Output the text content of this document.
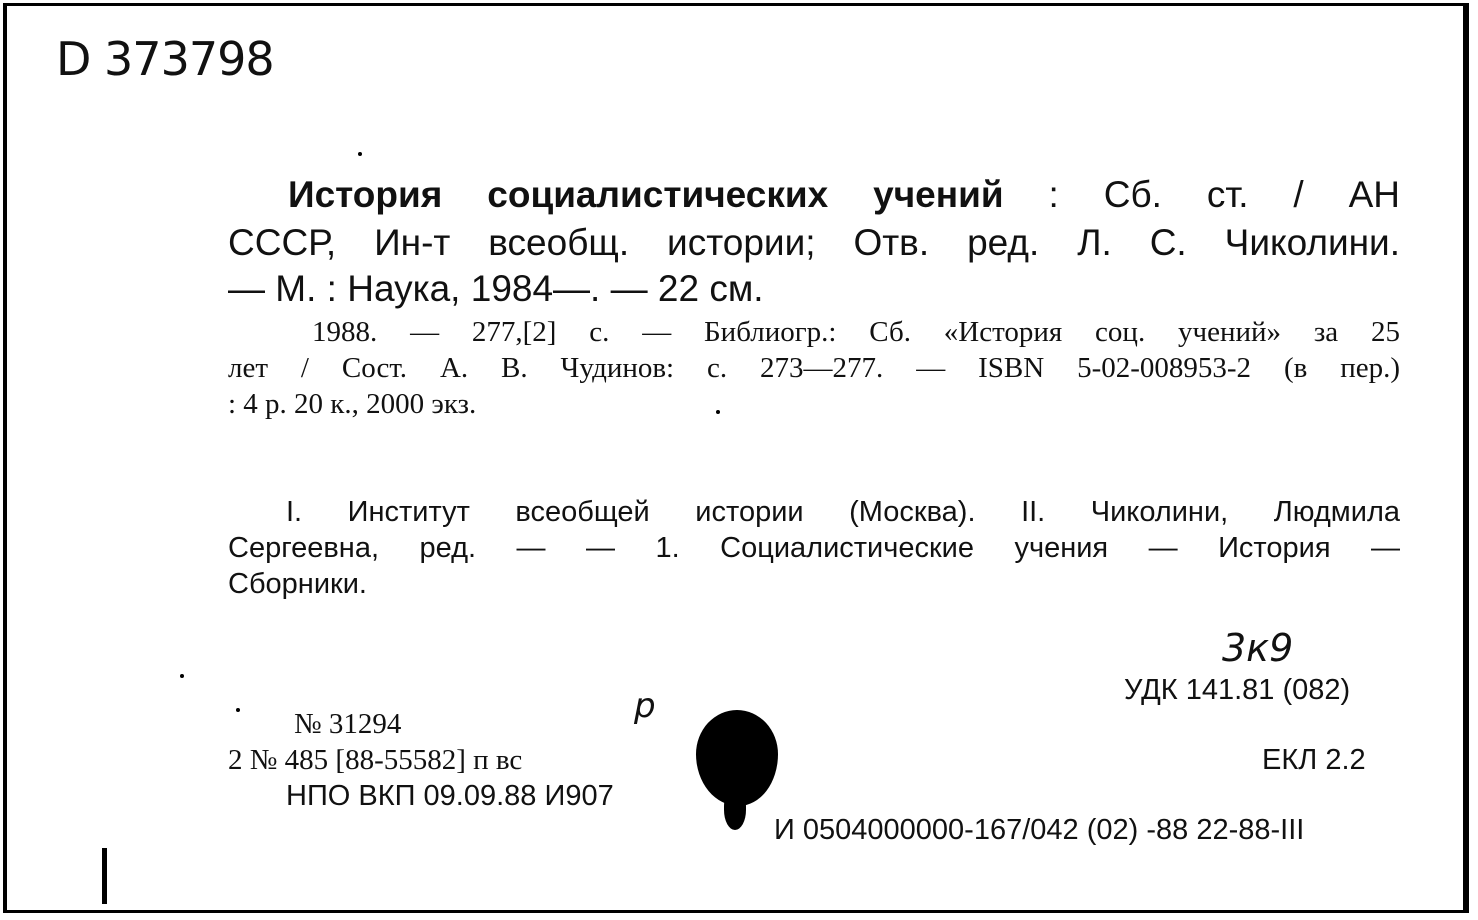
D 373798
История социалистических учений : Сб. ст. / АН
СССР, Ин-т всеобщ. истории; Отв. ред. Л. С. Чиколини.
— М. : Наука, 1984—. — 22 см.
1988. — 277,[2] с. — Библиогр.: Сб. «История соц. учений» за 25
лет / Сост. А. В. Чудинов: с. 273—277. — ISBN 5-02-008953-2 (в пер.)
: 4 р. 20 к., 2000 экз.
I. Институт всеобщей истории (Москва). II. Чиколини, Людмила
Сергеевна, ред. — — 1. Социалистические учения — История —
Сборники.
3к9
УДК 141.81 (082)
№ 31294
2 № 485 [88-55582] п вс
НПО ВКП 09.09.88 И907
р
ЕКЛ 2.2
И 0504000000-167/042 (02) -88 22-88-III
